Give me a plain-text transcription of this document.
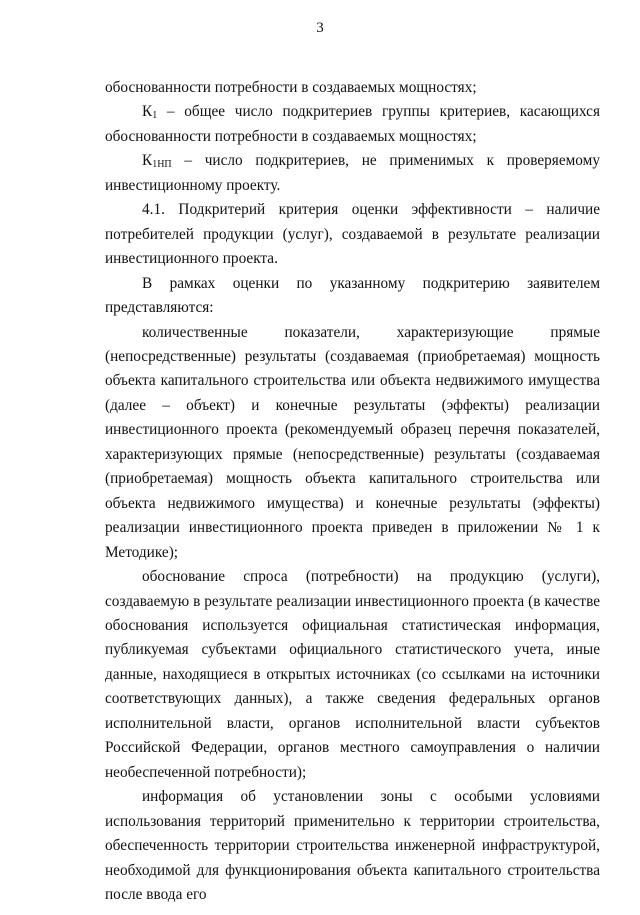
3

обоснованности потребности в создаваемых мощностях;

$К_1$ – общее число подкритериев группы критериев, касающихся обоснованности потребности в создаваемых мощностях;

$К_{1НП}$ – число подкритериев, не применимых к проверяемому инвестиционному проекту.

4.1. Подкритерий критерия оценки эффективности – наличие потребителей продукции (услуг), создаваемой в результате реализации инвестиционного проекта.

В рамках оценки по указанному подкритерию заявителем представляются:

количественные показатели, характеризующие прямые (непосредственные) результаты (создаваемая (приобретаемая) мощность объекта капитального строительства или объекта недвижимого имущества (далее – объект) и конечные результаты (эффекты) реализации инвестиционного проекта (рекомендуемый образец перечня показателей, характеризующих прямые (непосредственные) результаты (создаваемая (приобретаемая) мощность объекта капитального строительства или объекта недвижимого имущества) и конечные результаты (эффекты) реализации инвестиционного проекта приведен в приложении № 1 к Методике);

обоснование спроса (потребности) на продукцию (услуги), создаваемую в результате реализации инвестиционного проекта (в качестве обоснования используется официальная статистическая информация, публикуемая субъектами официального статистического учета, иные данные, находящиеся в открытых источниках (со ссылками на источники соответствующих данных), а также сведения федеральных органов исполнительной власти, органов исполнительной власти субъектов Российской Федерации, органов местного самоуправления о наличии необеспеченной потребности);

информация об установлении зоны с особыми условиями использования территорий применительно к территории строительства, обеспеченность территории строительства инженерной инфраструктурой, необходимой для функционирования объекта капитального строительства после ввода его
